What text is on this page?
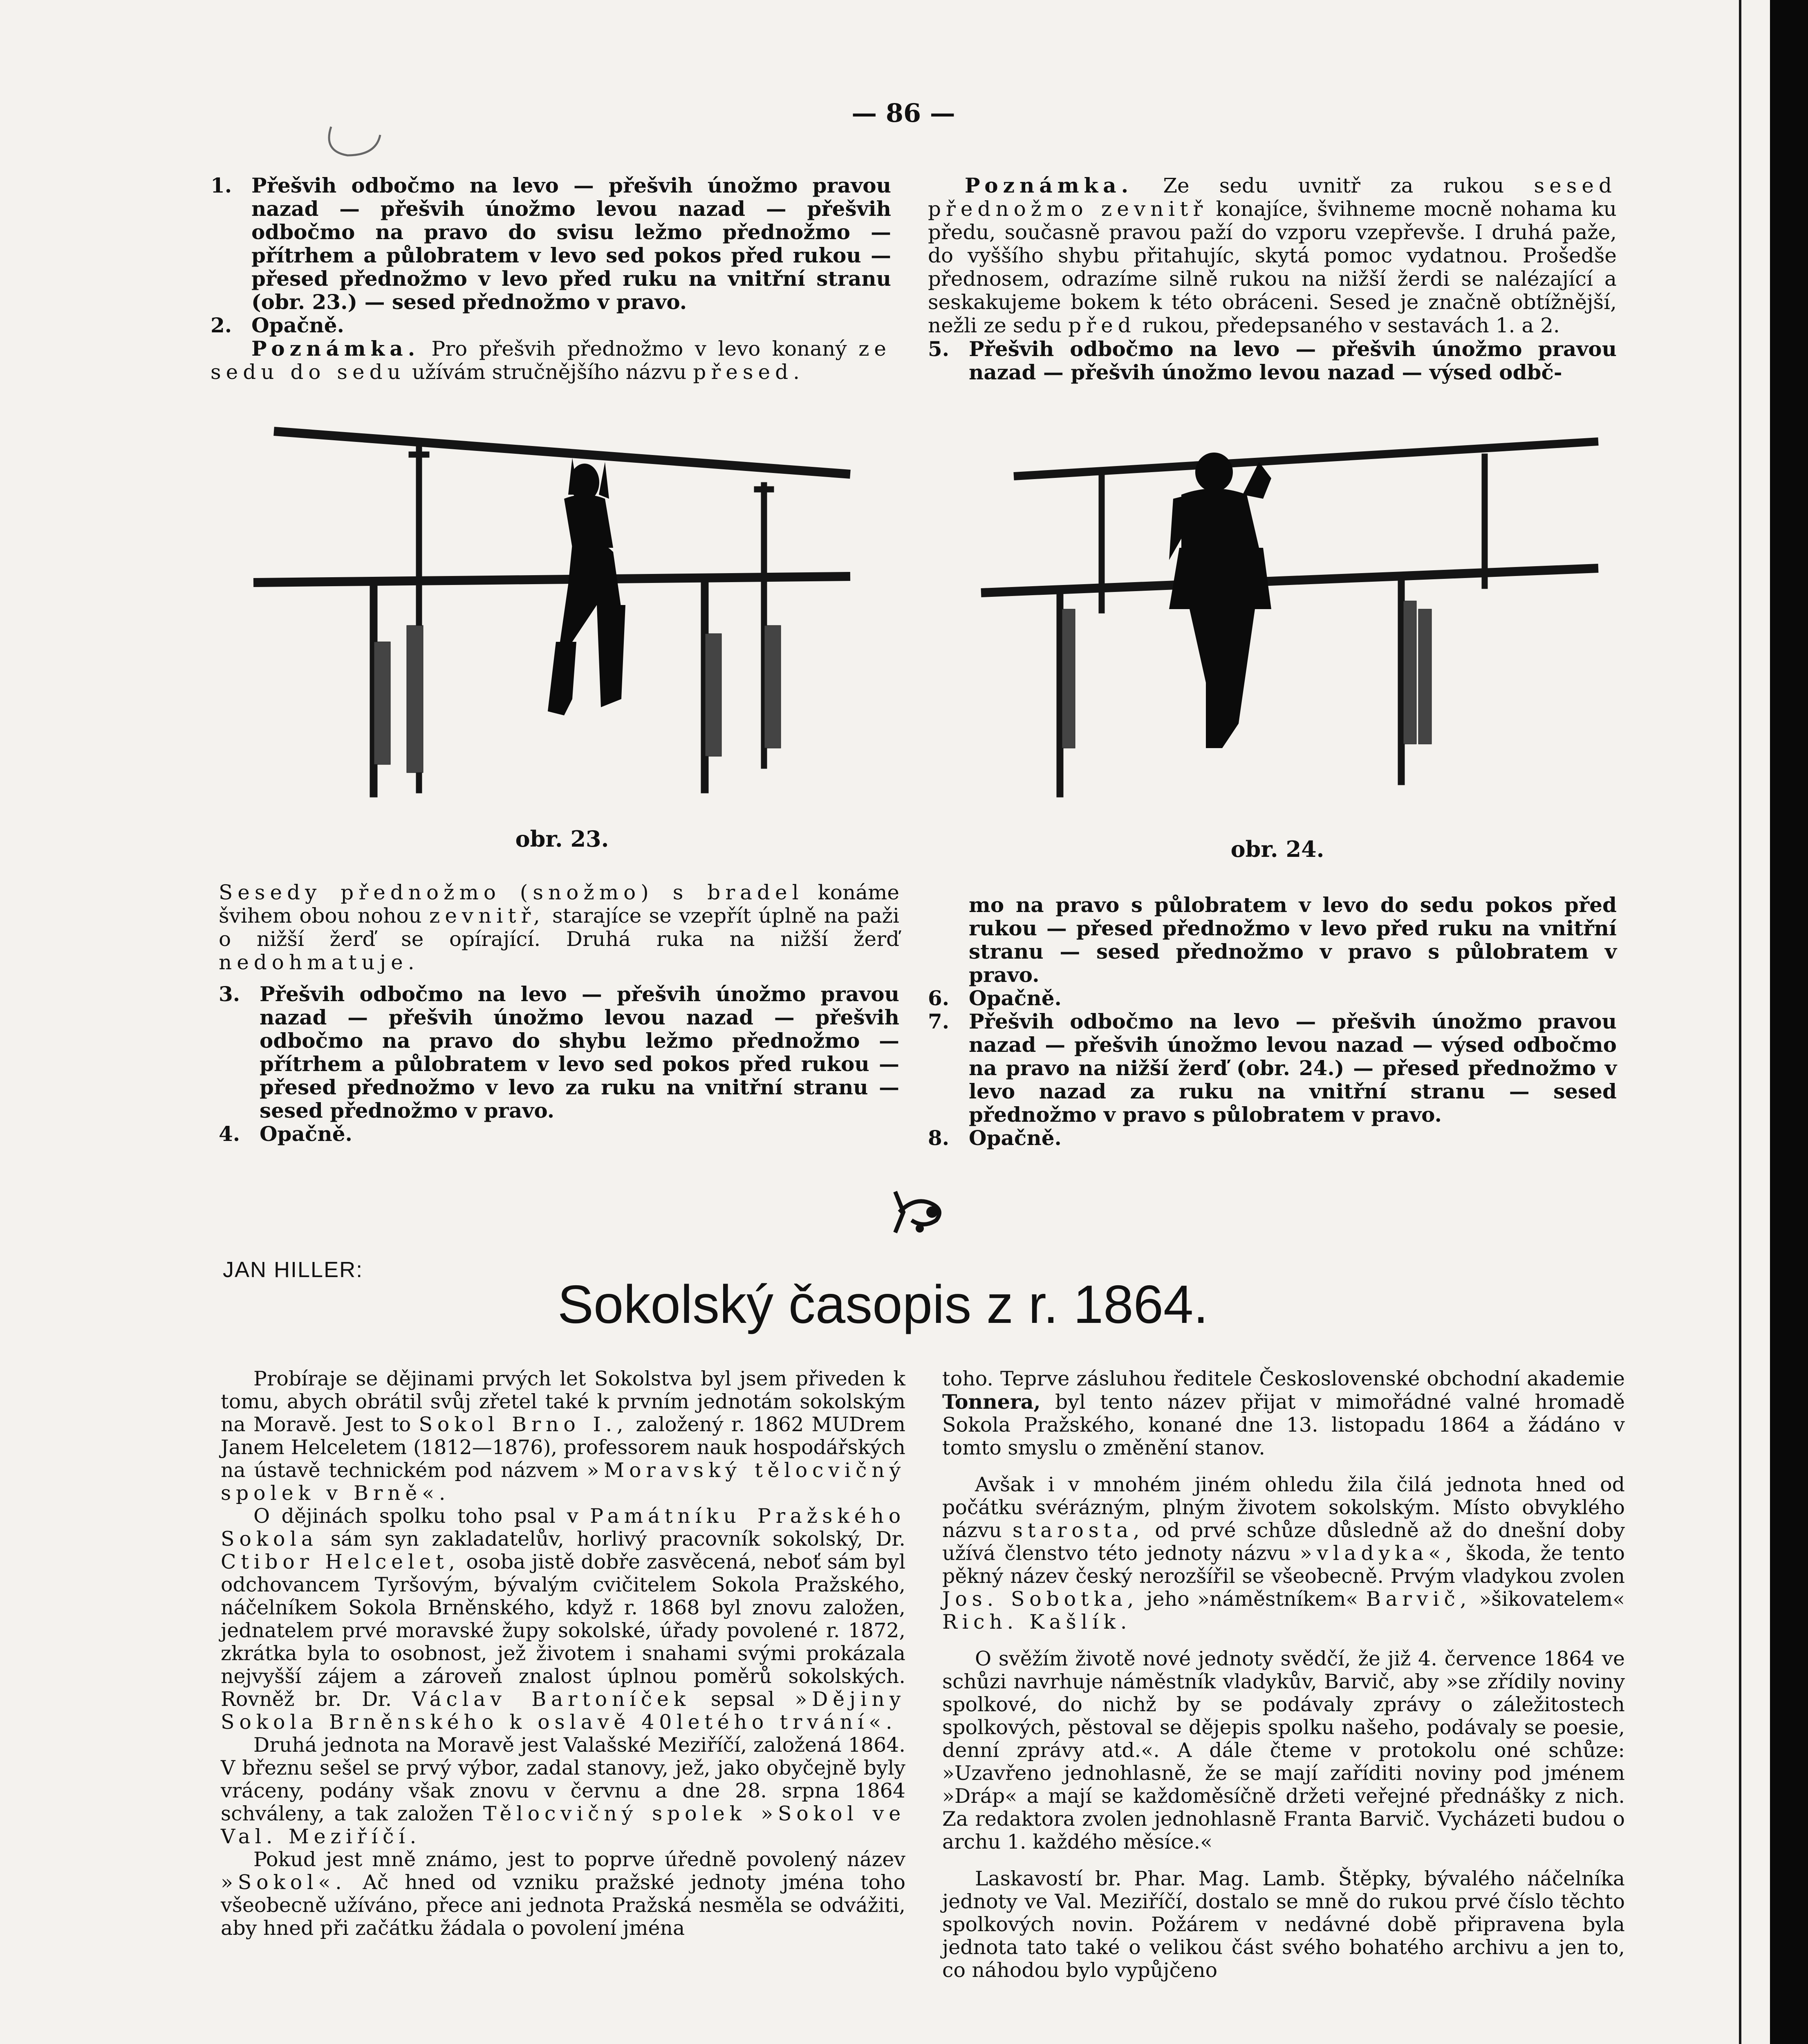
— 86 —

1. Přešvih odbočmo na levo — přešvih únožmo pravou nazad — přešvih únožmo levou nazad — přešvih odbočmo na pravo do svisu ležmo přednožmo — přítrhem a půlobratem v levo sed pokos před rukou — přesed přednožmo v levo před ruku na vnitřní stranu (obr. 23.) — sesed přednožmo v pravo.

2. Opačně.

Poznámka. Pro přešvih přednožmo v levo konaný ze sedu do sedu užívám stručnějšího názvu přesed.

Poznámka. Ze sedu uvnitř za rukou sesed přednožmo zevnitř konajíce, švihneme mocně nohama ku předu, současně pravou paží do vzporu vzepřevše. I druhá paže, do vyššího shybu přitahujíc, skytá pomoc vydatnou. Prošedše přednosem, odrazíme silně rukou na nižší žerdi se nalézající a seskakujeme bokem k této obráceni. Sesed je značně obtížnější, nežli ze sedu před rukou, předepsaného v sestavách 1. a 2.

5. Přešvih odbočmo na levo — přešvih únožmo pravou nazad — přešvih únožmo levou nazad — výsed odbč-

obr. 23.	obr. 24.

Sesedy přednožmo (snožmo) s bradel konáme švihem obou nohou zevnitř, starajíce se vzepřít úplně na paži o nižší žerď se opírající. Druhá ruka na nižší žerď nedohmatuje.

3. Přešvih odbočmo na levo — přešvih únožmo pravou nazad — přešvih únožmo levou nazad — přešvih odbočmo na pravo do shybu ležmo přednožmo — přítrhem a půlobratem v levo sed pokos před rukou — přesed přednožmo v levo za ruku na vnitřní stranu — sesed přednožmo v pravo.

4. Opačně.

mo na pravo s půlobratem v levo do sedu pokos před rukou — přesed přednožmo v levo před ruku na vnitřní stranu — sesed přednožmo v pravo s půlobratem v pravo.

6. Opačně.

7. Přešvih odbočmo na levo — přešvih únožmo pravou nazad — přešvih únožmo levou nazad — výsed odbočmo na pravo na nižší žerď (obr. 24.) — přesed přednožmo v levo nazad za ruku na vnitřní stranu — sesed přednožmo v pravo s půlobratem v pravo.

8. Opačně.

JAN HILLER:
Sokolský časopis z r. 1864.

Probíraje se dějinami prvých let Sokolstva byl jsem přiveden k tomu, abych obrátil svůj zřetel také k prvním jednotám sokolským na Moravě. Jest to Sokol Brno I., založený r. 1862 MUDrem Janem Helceletem (1812—1876), professorem nauk hospodářských na ústavě technickém pod názvem »Moravský tělocvičný spolek v Brně«.

O dějinách spolku toho psal v Památníku Pražského Sokola sám syn zakladatelův, horlivý pracovník sokolský, Dr. Ctibor Helcelet, osoba jistě dobře zasvěcená, neboť sám byl odchovancem Tyršovým, bývalým cvičitelem Sokola Pražského, náčelníkem Sokola Brněnského, když r. 1868 byl znovu založen, jednatelem prvé moravské župy sokolské, úřady povolené r. 1872, zkrátka byla to osobnost, jež životem i snahami svými prokázala nejvyšší zájem a zároveň znalost úplnou poměrů sokolských. Rovněž br. Dr. Václav Bartoníček sepsal »Dějiny Sokola Brněnského k oslavě 40letého trvání«.

Druhá jednota na Moravě jest Valašské Meziříčí, založená 1864. V březnu sešel se prvý výbor, zadal stanovy, jež, jako obyčejně byly vráceny, podány však znovu v červnu a dne 28. srpna 1864 schváleny, a tak založen Tělocvičný spolek »Sokol ve Val. Meziříčí.

Pokud jest mně známo, jest to poprve úředně povolený název »Sokol«. Ač hned od vzniku pražské jednoty jména toho všeobecně užíváno, přece ani jednota Pražská nesměla se odvážiti, aby hned při začátku žádala o povolení jména

toho. Teprve zásluhou ředitele Československé obchodní akademie Tonnera, byl tento název přijat v mimořádné valné hromadě Sokola Pražského, konané dne 13. listopadu 1864 a žádáno v tomto smyslu o změnění stanov.

Avšak i v mnohém jiném ohledu žila čilá jednota hned od počátku svérázným, plným životem sokolským. Místo obvyklého názvu starosta, od prvé schůze důsledně až do dnešní doby užívá členstvo této jednoty názvu »vladyka«, škoda, že tento pěkný název český nerozšířil se všeobecně. Prvým vladykou zvolen Jos. Sobotka, jeho »náměstníkem« Barvič, »šikovatelem« Rich. Kašlík.

O svěžím životě nové jednoty svědčí, že již 4. července 1864 ve schůzi navrhuje náměstník vladykův, Barvič, aby »se zřídily noviny spolkové, do nichž by se podávaly zprávy o záležitostech spolkových, pěstoval se dějepis spolku našeho, podávaly se poesie, denní zprávy atd.«. A dále čteme v protokolu oné schůze: »Uzavřeno jednohlasně, že se mají zaříditi noviny pod jménem »Dráp« a mají se každoměsíčně držeti veřejné přednášky z nich. Za redaktora zvolen jednohlasně Franta Barvič. Vycházeti budou o archu 1. každého měsíce.«

Laskavostí br. Phar. Mag. Lamb. Štěpky, bývalého náčelníka jednoty ve Val. Meziříčí, dostalo se mně do rukou prvé číslo těchto spolkových novin. Požárem v nedávné době připravena byla jednota tato také o velikou část svého bohatého archivu a jen to, co náhodou bylo vypůjčeno
